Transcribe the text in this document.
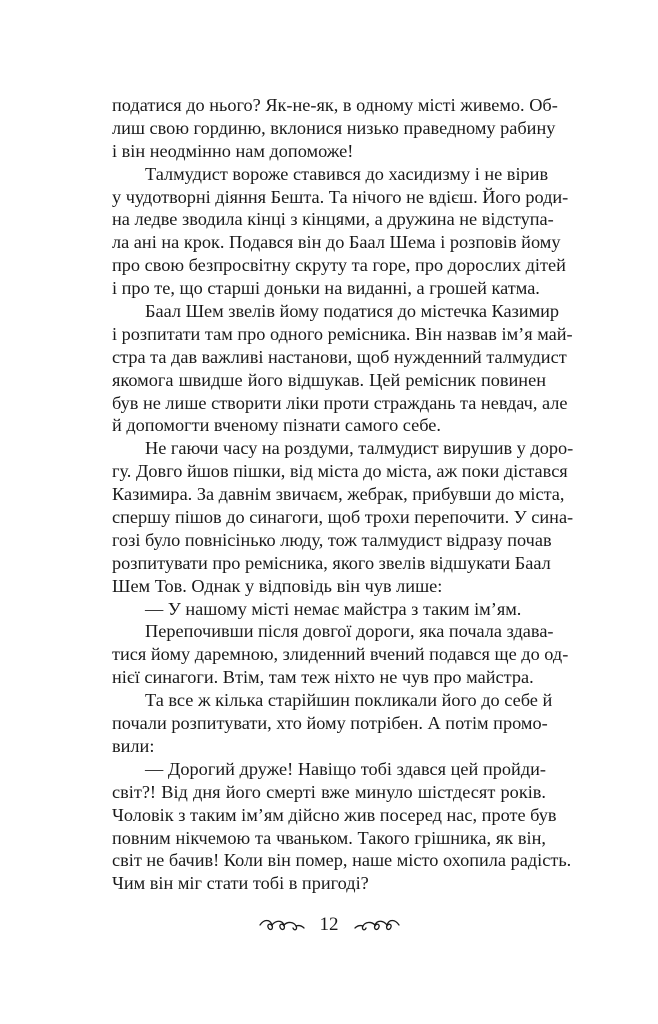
податися до нього? Як-не-як, в одному місті живемо. Об-
лиш свою гординю, вклонися низько праведному рабину
і він неодмінно нам допоможе!
Талмудист вороже ставився до хасидизму і не вірив
у чудотворні діяння Бешта. Та нічого не вдієш. Його роди-
на ледве зводила кінці з кінцями, а дружина не відступа-
ла ані на крок. Подався він до Баал Шема і розповів йому
про свою безпросвітну скруту та горе, про дорослих дітей
і про те, що старші доньки на виданні, а грошей катма.
Баал Шем звелів йому податися до містечка Казимир
і розпитати там про одного ремісника. Він назвав ім’я май-
стра та дав важливі настанови, щоб нужденний талмудист
якомога швидше його відшукав. Цей ремісник повинен
був не лише створити ліки проти страждань та невдач, але
й допомогти вченому пізнати самого себе.
Не гаючи часу на роздуми, талмудист вирушив у доро-
гу. Довго йшов пішки, від міста до міста, аж поки дістався
Казимира. За давнім звичаєм, жебрак, прибувши до міста,
спершу пішов до синагоги, щоб трохи перепочити. У сина-
гозі було повнісінько люду, тож талмудист відразу почав
розпитувати про ремісника, якого звелів відшукати Баал
Шем Тов. Однак у відповідь він чув лише:
— У нашому місті немає майстра з таким ім’ям.
Перепочивши після довгої дороги, яка почала здава-
тися йому даремною, злиденний вчений подався ще до од-
нієї синагоги. Втім, там теж ніхто не чув про майстра.
Та все ж кілька старійшин покликали його до себе й
почали розпитувати, хто йому потрібен. А потім промо-
вили:
— Дорогий друже! Навіщо тобі здався цей пройди-
світ?! Від дня його смерті вже минуло шістдесят років.
Чоловік з таким ім’ям дійсно жив посеред нас, проте був
повним нікчемою та чваньком. Такого грішника, як він,
світ не бачив! Коли він помер, наше місто охопила радість.
Чим він міг стати тобі в пригоді?
12
